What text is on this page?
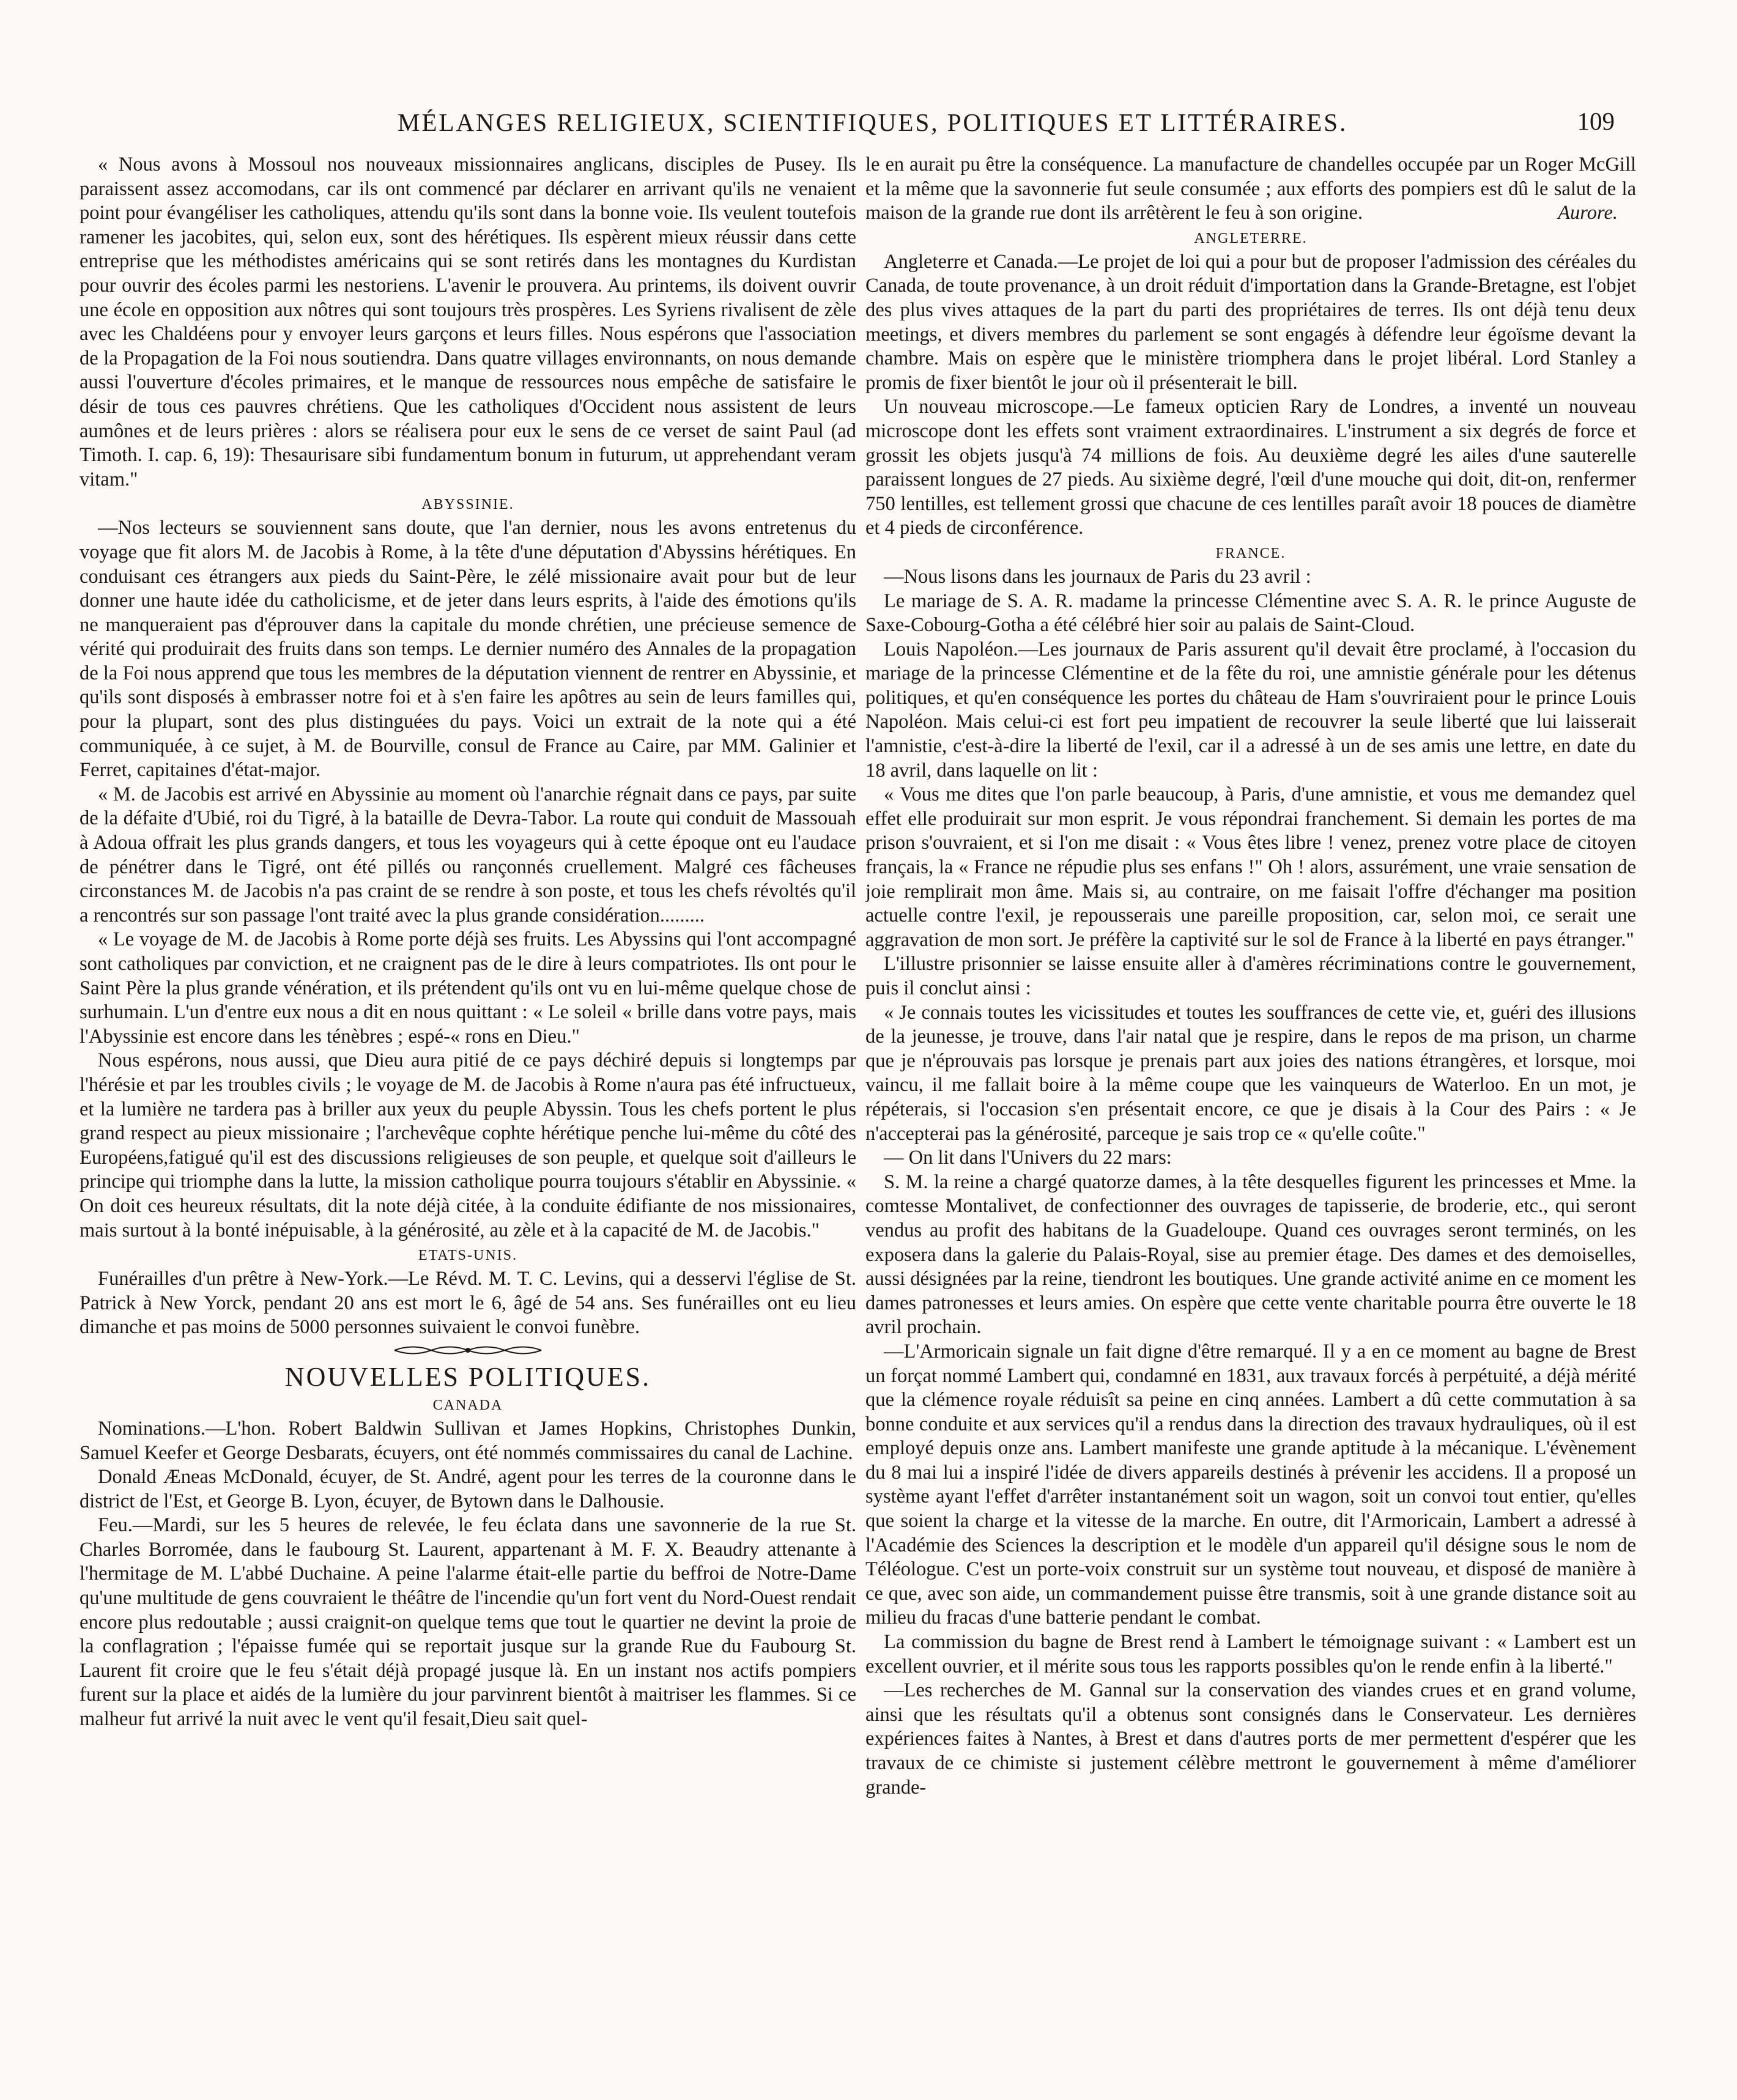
MÉLANGES RELIGIEUX, SCIENTIFIQUES, POLITIQUES ET LITTÉRAIRES.	109

« Nous avons à Mossoul nos nouveaux missionnaires anglicans, disciples de Pusey. Ils paraissent assez accomodans, car ils ont commencé par déclarer en arrivant qu'ils ne venaient point pour évangéliser les catholiques, attendu qu'ils sont dans la bonne voie. Ils veulent toutefois ramener les jacobites, qui, selon eux, sont des hérétiques. Ils espèrent mieux réussir dans cette entreprise que les méthodistes américains qui se sont retirés dans les montagnes du Kurdistan pour ouvrir des écoles parmi les nestoriens. L'avenir le prouvera. Au printems, ils doivent ouvrir une école en opposition aux nôtres qui sont toujours très prospères. Les Syriens rivalisent de zèle avec les Chaldéens pour y envoyer leurs garçons et leurs filles. Nous espérons que l'association de la Propagation de la Foi nous soutiendra. Dans quatre villages environnants, on nous demande aussi l'ouverture d'écoles primaires, et le manque de ressources nous empêche de satisfaire le désir de tous ces pauvres chrétiens. Que les catholiques d'Occident nous assistent de leurs aumônes et de leurs prières : alors se réalisera pour eux le sens de ce verset de saint Paul (ad Timoth. I. cap. 6, 19): Thesaurisare sibi fundamentum bonum in futurum, ut apprehendant veram vitam."

ABYSSINIE.

—Nos lecteurs se souviennent sans doute, que l'an dernier, nous les avons entretenus du voyage que fit alors M. de Jacobis à Rome, à la tête d'une députation d'Abyssins hérétiques. En conduisant ces étrangers aux pieds du Saint-Père, le zélé missionaire avait pour but de leur donner une haute idée du catholicisme, et de jeter dans leurs esprits, à l'aide des émotions qu'ils ne manqueraient pas d'éprouver dans la capitale du monde chrétien, une précieuse semence de vérité qui produirait des fruits dans son temps. Le dernier numéro des Annales de la propagation de la Foi nous apprend que tous les membres de la députation viennent de rentrer en Abyssinie, et qu'ils sont disposés à embrasser notre foi et à s'en faire les apôtres au sein de leurs familles qui, pour la plupart, sont des plus distinguées du pays. Voici un extrait de la note qui a été communiquée, à ce sujet, à M. de Bourville, consul de France au Caire, par MM. Galinier et Ferret, capitaines d'état-major.

« M. de Jacobis est arrivé en Abyssinie au moment où l'anarchie régnait dans ce pays, par suite de la défaite d'Ubié, roi du Tigré, à la bataille de Devra-Tabor. La route qui conduit de Massouah à Adoua offrait les plus grands dangers, et tous les voyageurs qui à cette époque ont eu l'audace de pénétrer dans le Tigré, ont été pillés ou rançonnés cruellement. Malgré ces fâcheuses circonstances M. de Jacobis n'a pas craint de se rendre à son poste, et tous les chefs révoltés qu'il a rencontrés sur son passage l'ont traité avec la plus grande considération.........

« Le voyage de M. de Jacobis à Rome porte déjà ses fruits. Les Abyssins qui l'ont accompagné sont catholiques par conviction, et ne craignent pas de le dire à leurs compatriotes. Ils ont pour le Saint Père la plus grande vénération, et ils prétendent qu'ils ont vu en lui-même quelque chose de surhumain. L'un d'entre eux nous a dit en nous quittant : « Le soleil « brille dans votre pays, mais l'Abyssinie est encore dans les ténèbres ; espé-« rons en Dieu."

Nous espérons, nous aussi, que Dieu aura pitié de ce pays déchiré depuis si longtemps par l'hérésie et par les troubles civils ; le voyage de M. de Jacobis à Rome n'aura pas été infructueux, et la lumière ne tardera pas à briller aux yeux du peuple Abyssin. Tous les chefs portent le plus grand respect au pieux missionaire ; l'archevêque cophte hérétique penche lui-même du côté des Européens,fatigué qu'il est des discussions religieuses de son peuple, et quelque soit d'ailleurs le principe qui triomphe dans la lutte, la mission catholique pourra toujours s'établir en Abyssinie. « On doit ces heureux résultats, dit la note déjà citée, à la conduite édifiante de nos missionaires, mais surtout à la bonté inépuisable, à la générosité, au zèle et à la capacité de M. de Jacobis."

ETATS-UNIS.

Funérailles d'un prêtre à New-York.—Le Révd. M. T. C. Levins, qui a desservi l'église de St. Patrick à New Yorck, pendant 20 ans est mort le 6, âgé de 54 ans. Ses funérailles ont eu lieu dimanche et pas moins de 5000 personnes suivaient le convoi funèbre.

NOUVELLES POLITIQUES.
CANADA

Nominations.—L'hon. Robert Baldwin Sullivan et James Hopkins, Christophes Dunkin, Samuel Keefer et George Desbarats, écuyers, ont été nommés commissaires du canal de Lachine.

Donald Æneas McDonald, écuyer, de St. André, agent pour les terres de la couronne dans le district de l'Est, et George B. Lyon, écuyer, de Bytown dans le Dalhousie.

Feu.—Mardi, sur les 5 heures de relevée, le feu éclata dans une savonnerie de la rue St. Charles Borromée, dans le faubourg St. Laurent, appartenant à M. F. X. Beaudry attenante à l'hermitage de M. L'abbé Duchaine. A peine l'alarme était-elle partie du beffroi de Notre-Dame qu'une multitude de gens couvraient le théâtre de l'incendie qu'un fort vent du Nord-Ouest rendait encore plus redoutable ; aussi craignit-on quelque tems que tout le quartier ne devint la proie de la conflagration ; l'épaisse fumée qui se reportait jusque sur la grande Rue du Faubourg St. Laurent fit croire que le feu s'était déjà propagé jusque là. En un instant nos actifs pompiers furent sur la place et aidés de la lumière du jour parvinrent bientôt à maitriser les flammes. Si ce malheur fut arrivé la nuit avec le vent qu'il fesait,Dieu sait quel-

le en aurait pu être la conséquence. La manufacture de chandelles occupée par un Roger McGill et la même que la savonnerie fut seule consumée ; aux efforts des pompiers est dû le salut de la maison de la grande rue dont ils arrêtèrent le feu à son origine.	Aurore.

ANGLETERRE.

Angleterre et Canada.—Le projet de loi qui a pour but de proposer l'admission des céréales du Canada, de toute provenance, à un droit réduit d'importation dans la Grande-Bretagne, est l'objet des plus vives attaques de la part du parti des propriétaires de terres. Ils ont déjà tenu deux meetings, et divers membres du parlement se sont engagés à défendre leur égoïsme devant la chambre. Mais on espère que le ministère triomphera dans le projet libéral. Lord Stanley a promis de fixer bientôt le jour où il présenterait le bill.

Un nouveau microscope.—Le fameux opticien Rary de Londres, a inventé un nouveau microscope dont les effets sont vraiment extraordinaires. L'instrument a six degrés de force et grossit les objets jusqu'à 74 millions de fois. Au deuxième degré les ailes d'une sauterelle paraissent longues de 27 pieds. Au sixième degré, l'œil d'une mouche qui doit, dit-on, renfermer 750 lentilles, est tellement grossi que chacune de ces lentilles paraît avoir 18 pouces de diamètre et 4 pieds de circonférence.

FRANCE.

—Nous lisons dans les journaux de Paris du 23 avril :

Le mariage de S. A. R. madame la princesse Clémentine avec S. A. R. le prince Auguste de Saxe-Cobourg-Gotha a été célébré hier soir au palais de Saint-Cloud.

Louis Napoléon.—Les journaux de Paris assurent qu'il devait être proclamé, à l'occasion du mariage de la princesse Clémentine et de la fête du roi, une amnistie générale pour les détenus politiques, et qu'en conséquence les portes du château de Ham s'ouvriraient pour le prince Louis Napoléon. Mais celui-ci est fort peu impatient de recouvrer la seule liberté que lui laisserait l'amnistie, c'est-à-dire la liberté de l'exil, car il a adressé à un de ses amis une lettre, en date du 18 avril, dans laquelle on lit :

« Vous me dites que l'on parle beaucoup, à Paris, d'une amnistie, et vous me demandez quel effet elle produirait sur mon esprit. Je vous répondrai franchement. Si demain les portes de ma prison s'ouvraient, et si l'on me disait : « Vous êtes libre ! venez, prenez votre place de citoyen français, la « France ne répudie plus ses enfans !" Oh ! alors, assurément, une vraie sensation de joie remplirait mon âme. Mais si, au contraire, on me faisait l'offre d'échanger ma position actuelle contre l'exil, je repousserais une pareille proposition, car, selon moi, ce serait une aggravation de mon sort. Je préfère la captivité sur le sol de France à la liberté en pays étranger."

L'illustre prisonnier se laisse ensuite aller à d'amères récriminations contre le gouvernement, puis il conclut ainsi :

« Je connais toutes les vicissitudes et toutes les souffrances de cette vie, et, guéri des illusions de la jeunesse, je trouve, dans l'air natal que je respire, dans le repos de ma prison, un charme que je n'éprouvais pas lorsque je prenais part aux joies des nations étrangères, et lorsque, moi vaincu, il me fallait boire à la même coupe que les vainqueurs de Waterloo. En un mot, je répéterais, si l'occasion s'en présentait encore, ce que je disais à la Cour des Pairs : « Je n'accepterai pas la générosité, parceque je sais trop ce « qu'elle coûte."

— On lit dans l'Univers du 22 mars:

S. M. la reine a chargé quatorze dames, à la tête desquelles figurent les princesses et Mme. la comtesse Montalivet, de confectionner des ouvrages de tapisserie, de broderie, etc., qui seront vendus au profit des habitans de la Guadeloupe. Quand ces ouvrages seront terminés, on les exposera dans la galerie du Palais-Royal, sise au premier étage. Des dames et des demoiselles, aussi désignées par la reine, tiendront les boutiques. Une grande activité anime en ce moment les dames patronesses et leurs amies. On espère que cette vente charitable pourra être ouverte le 18 avril prochain.

—L'Armoricain signale un fait digne d'être remarqué. Il y a en ce moment au bagne de Brest un forçat nommé Lambert qui, condamné en 1831, aux travaux forcés à perpétuité, a déjà mérité que la clémence royale réduisît sa peine en cinq années. Lambert a dû cette commutation à sa bonne conduite et aux services qu'il a rendus dans la direction des travaux hydrauliques, où il est employé depuis onze ans. Lambert manifeste une grande aptitude à la mécanique. L'évènement du 8 mai lui a inspiré l'idée de divers appareils destinés à prévenir les accidens. Il a proposé un système ayant l'effet d'arrêter instantanément soit un wagon, soit un convoi tout entier, qu'elles que soient la charge et la vitesse de la marche. En outre, dit l'Armoricain, Lambert a adressé à l'Académie des Sciences la description et le modèle d'un appareil qu'il désigne sous le nom de Téléologue. C'est un porte-voix construit sur un système tout nouveau, et disposé de manière à ce que, avec son aide, un commandement puisse être transmis, soit à une grande distance soit au milieu du fracas d'une batterie pendant le combat.

La commission du bagne de Brest rend à Lambert le témoignage suivant : « Lambert est un excellent ouvrier, et il mérite sous tous les rapports possibles qu'on le rende enfin à la liberté."

—Les recherches de M. Gannal sur la conservation des viandes crues et en grand volume, ainsi que les résultats qu'il a obtenus sont consignés dans le Conservateur. Les dernières expériences faites à Nantes, à Brest et dans d'autres ports de mer permettent d'espérer que les travaux de ce chimiste si justement célèbre mettront le gouvernement à même d'améliorer grande-
